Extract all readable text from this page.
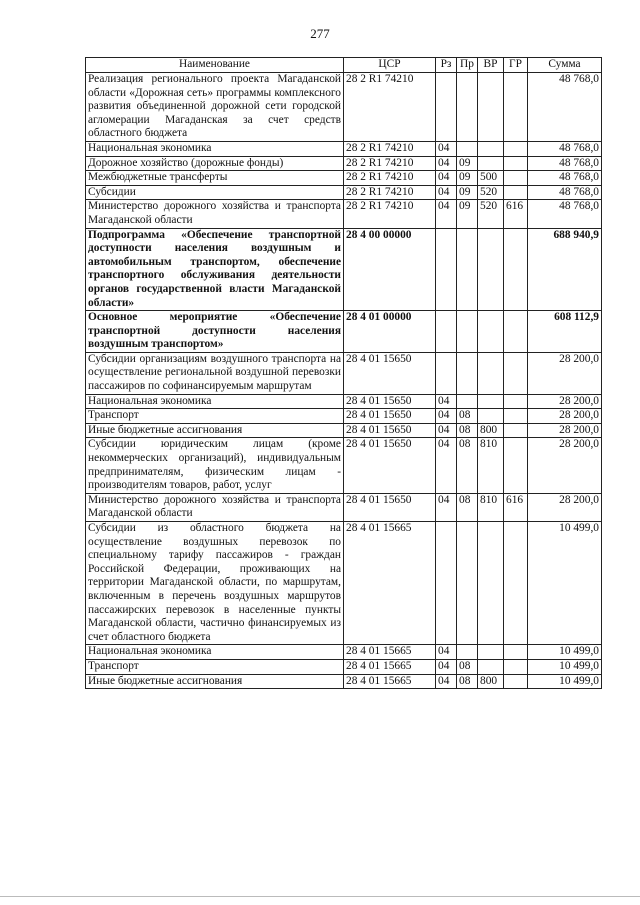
277
Наименование	ЦСР	Рз	Пр	ВР	ГР	Сумма
Реализация регионального проекта Магаданской области «Дорожная сеть» программы комплексного развития объединенной дорожной сети городской агломерации Магаданская за счет средств областного бюджета	28 2 R1 74210					48 768,0
Национальная экономика	28 2 R1 74210	04				48 768,0
Дорожное хозяйство (дорожные фонды)	28 2 R1 74210	04	09			48 768,0
Межбюджетные трансферты	28 2 R1 74210	04	09	500		48 768,0
Субсидии	28 2 R1 74210	04	09	520		48 768,0
Министерство дорожного хозяйства и транспорта Магаданской области	28 2 R1 74210	04	09	520	616	48 768,0
Подпрограмма «Обеспечение транспортной доступности населения воздушным и автомобильным транспортом, обеспечение транспортного обслуживания деятельности органов государственной власти Магаданской области»	28 4 00 00000					688 940,9
Основное мероприятие «Обеспечение транспортной доступности населения воздушным транспортом»	28 4 01 00000					608 112,9
Субсидии организациям воздушного транспорта на осуществление региональной воздушной перевозки пассажиров по софинансируемым маршрутам	28 4 01 15650					28 200,0
Национальная экономика	28 4 01 15650	04				28 200,0
Транспорт	28 4 01 15650	04	08			28 200,0
Иные бюджетные ассигнования	28 4 01 15650	04	08	800		28 200,0
Субсидии юридическим лицам (кроме некоммерческих организаций), индивидуальным предпринимателям, физическим лицам - производителям товаров, работ, услуг	28 4 01 15650	04	08	810		28 200,0
Министерство дорожного хозяйства и транспорта Магаданской области	28 4 01 15650	04	08	810	616	28 200,0
Субсидии из областного бюджета на осуществление воздушных перевозок по специальному тарифу пассажиров - граждан Российской Федерации, проживающих на территории Магаданской области, по маршрутам, включенным в перечень воздушных маршрутов пассажирских перевозок в населенные пункты Магаданской области, частично финансируемых из счет областного бюджета	28 4 01 15665					10 499,0
Национальная экономика	28 4 01 15665	04				10 499,0
Транспорт	28 4 01 15665	04	08			10 499,0
Иные бюджетные ассигнования	28 4 01 15665	04	08	800		10 499,0
